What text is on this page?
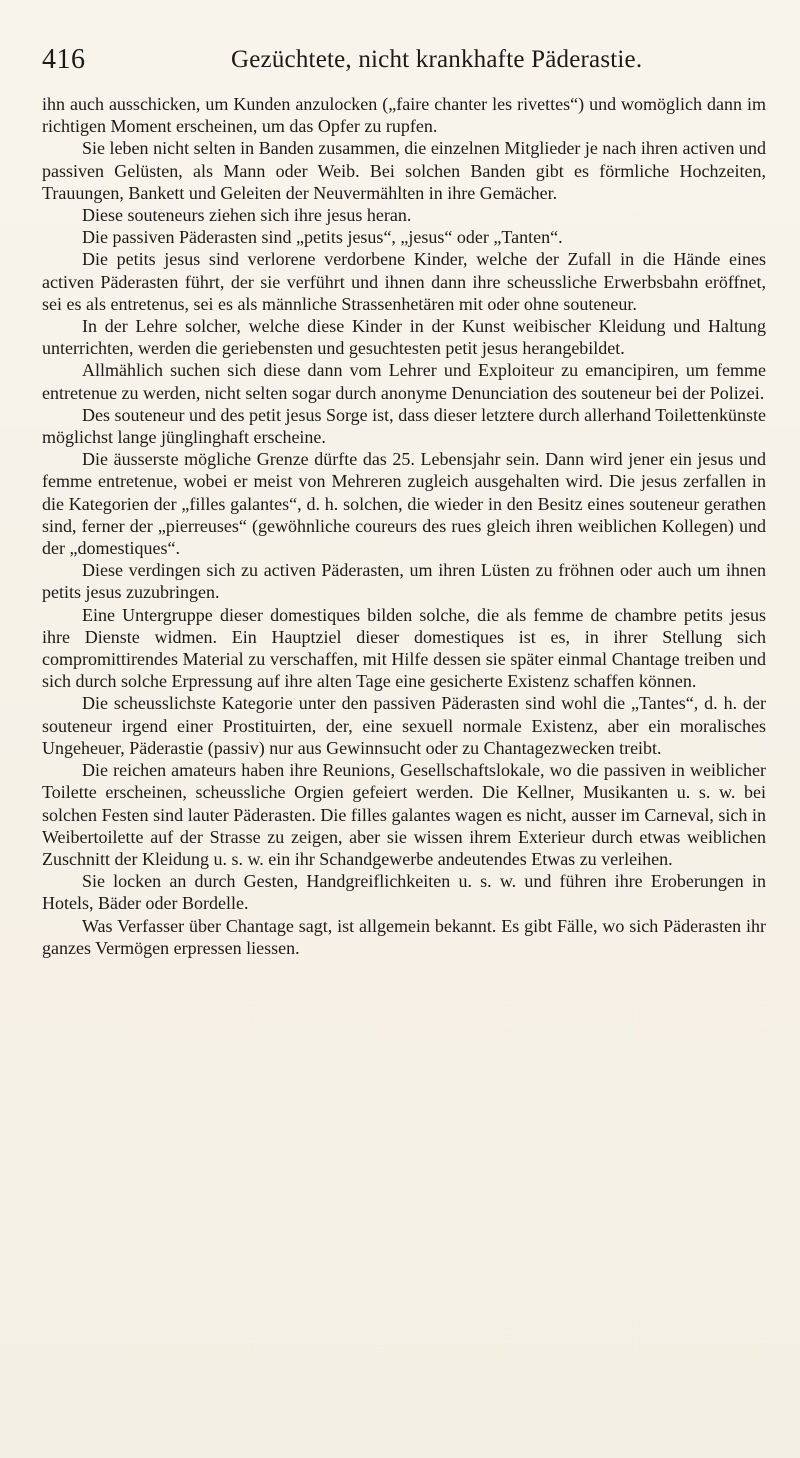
416	Gezüchtete, nicht krankhafte Päderastie.

ihn auch ausschicken, um Kunden anzulocken („faire chanter les rivettes“) und womöglich dann im richtigen Moment erscheinen, um das Opfer zu rupfen.

Sie leben nicht selten in Banden zusammen, die einzelnen Mitglieder je nach ihren activen und passiven Gelüsten, als Mann oder Weib. Bei solchen Banden gibt es förmliche Hochzeiten, Trauungen, Bankett und Geleiten der Neuvermählten in ihre Gemächer.

Diese souteneurs ziehen sich ihre jesus heran.

Die passiven Päderasten sind „petits jesus“, „jesus“ oder „Tanten“.

Die petits jesus sind verlorene verdorbene Kinder, welche der Zufall in die Hände eines activen Päderasten führt, der sie verführt und ihnen dann ihre scheussliche Erwerbsbahn eröffnet, sei es als entretenus, sei es als männliche Strassenhetären mit oder ohne souteneur.

In der Lehre solcher, welche diese Kinder in der Kunst weibischer Kleidung und Haltung unterrichten, werden die geriebensten und gesuchtesten petit jesus herangebildet.

Allmählich suchen sich diese dann vom Lehrer und Exploiteur zu emancipiren, um femme entretenue zu werden, nicht selten sogar durch anonyme Denunciation des souteneur bei der Polizei.

Des souteneur und des petit jesus Sorge ist, dass dieser letztere durch allerhand Toilettenkünste möglichst lange jünglinghaft erscheine.

Die äusserste mögliche Grenze dürfte das 25. Lebensjahr sein. Dann wird jener ein jesus und femme entretenue, wobei er meist von Mehreren zugleich ausgehalten wird. Die jesus zerfallen in die Kategorien der „filles galantes“, d. h. solchen, die wieder in den Besitz eines souteneur gerathen sind, ferner der „pierreuses“ (gewöhnliche coureurs des rues gleich ihren weiblichen Kollegen) und der „domestiques“.

Diese verdingen sich zu activen Päderasten, um ihren Lüsten zu fröhnen oder auch um ihnen petits jesus zuzubringen.

Eine Untergruppe dieser domestiques bilden solche, die als femme de chambre petits jesus ihre Dienste widmen. Ein Hauptziel dieser domestiques ist es, in ihrer Stellung sich compromittirendes Material zu verschaffen, mit Hilfe dessen sie später einmal Chantage treiben und sich durch solche Erpressung auf ihre alten Tage eine gesicherte Existenz schaffen können.

Die scheusslichste Kategorie unter den passiven Päderasten sind wohl die „Tantes“, d. h. der souteneur irgend einer Prostituirten, der, eine sexuell normale Existenz, aber ein moralisches Ungeheuer, Päderastie (passiv) nur aus Gewinnsucht oder zu Chantagezwecken treibt.

Die reichen amateurs haben ihre Reunions, Gesellschaftslokale, wo die passiven in weiblicher Toilette erscheinen, scheussliche Orgien gefeiert werden. Die Kellner, Musikanten u. s. w. bei solchen Festen sind lauter Päderasten. Die filles galantes wagen es nicht, ausser im Carneval, sich in Weibertoilette auf der Strasse zu zeigen, aber sie wissen ihrem Exterieur durch etwas weiblichen Zuschnitt der Kleidung u. s. w. ein ihr Schandgewerbe andeutendes Etwas zu verleihen.

Sie locken an durch Gesten, Handgreiflichkeiten u. s. w. und führen ihre Eroberungen in Hotels, Bäder oder Bordelle.

Was Verfasser über Chantage sagt, ist allgemein bekannt. Es gibt Fälle, wo sich Päderasten ihr ganzes Vermögen erpressen liessen.
